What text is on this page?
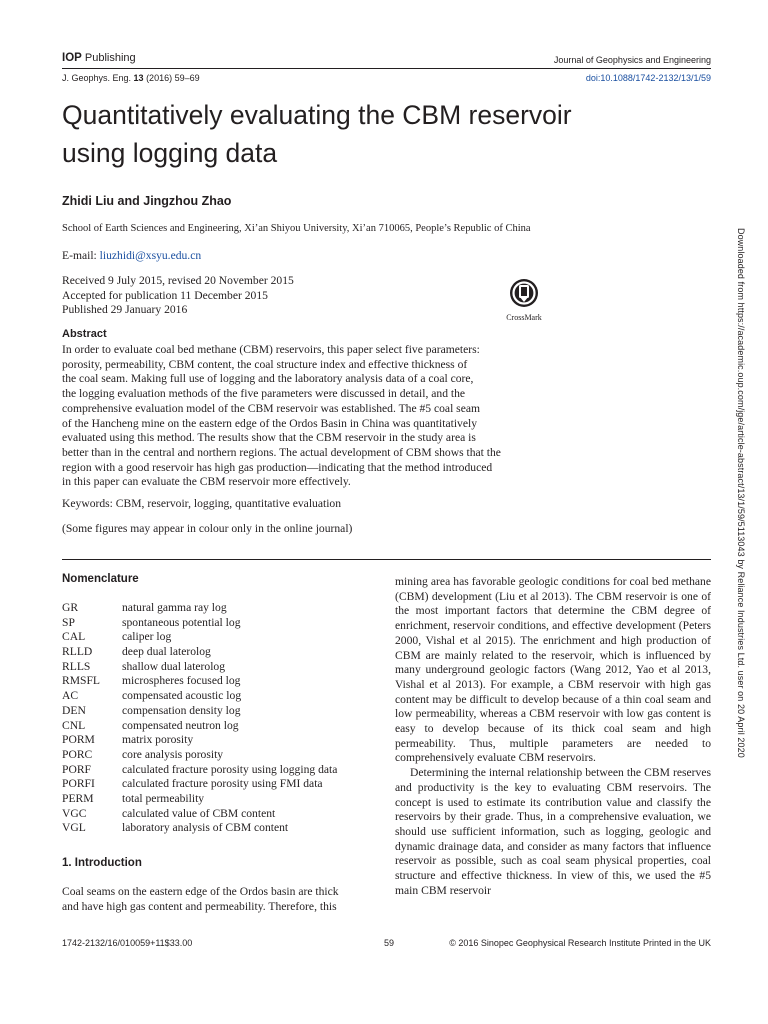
IOP Publishing	Journal of Geophysics and Engineering
J. Geophys. Eng. 13 (2016) 59–69	doi:10.1088/1742-2132/13/1/59
Quantitatively evaluating the CBM reservoir
using logging data
Zhidi Liu and Jingzhou Zhao
School of Earth Sciences and Engineering, Xi’an Shiyou University, Xi’an 710065, People’s Republic of China
E-mail: liuzhidi@xsyu.edu.cn
Received 9 July 2015, revised 20 November 2015
Accepted for publication 11 December 2015
Published 29 January 2016
CrossMark
Abstract
In order to evaluate coal bed methane (CBM) reservoirs, this paper select five parameters:
porosity, permeability, CBM content, the coal structure index and effective thickness of
the coal seam. Making full use of logging and the laboratory analysis data of a coal core,
the logging evaluation methods of the five parameters were discussed in detail, and the
comprehensive evaluation model of the CBM reservoir was established. The #5 coal seam
of the Hancheng mine on the eastern edge of the Ordos Basin in China was quantitatively
evaluated using this method. The results show that the CBM reservoir in the study area is
better than in the central and northern regions. The actual development of CBM shows that the
region with a good reservoir has high gas production—indicating that the method introduced
in this paper can evaluate the CBM reservoir more effectively.
Keywords: CBM, reservoir, logging, quantitative evaluation
(Some figures may appear in colour only in the online journal)
Nomenclature
GR	natural gamma ray log
SP	spontaneous potential log
CAL	caliper log
RLLD	deep dual laterolog
RLLS	shallow dual laterolog
RMSFL	microspheres focused log
AC	compensated acoustic log
DEN	compensation density log
CNL	compensated neutron log
PORM	matrix porosity
PORC	core analysis porosity
PORF	calculated fracture porosity using logging data
PORFI	calculated fracture porosity using FMI data
PERM	total permeability
VGC	calculated value of CBM content
VGL	laboratory analysis of CBM content
1. Introduction
Coal seams on the eastern edge of the Ordos basin are thick
and have high gas content and permeability. Therefore, this

mining area has favorable geologic conditions for coal bed methane (CBM) development (Liu et al 2013). The CBM reservoir is one of the most important factors that determine the CBM degree of enrichment, reservoir conditions, and effective development (Peters 2000, Vishal et al 2015). The enrichment and high production of CBM are mainly related to the reservoir, which is influenced by many underground geologic factors (Wang 2012, Yao et al 2013, Vishal et al 2013). For example, a CBM reservoir with high gas content may be difficult to develop because of a thin coal seam and low permeability, whereas a CBM reservoir with low gas content is easy to develop because of its thick coal seam and high permeability. Thus, multiple parameters are needed to comprehensively evaluate CBM reservoirs.

Determining the internal relationship between the CBM reserves and productivity is the key to evaluating CBM reservoirs. The concept is used to estimate its contribution value and classify the reservoirs by their grade. Thus, in a comprehensive evaluation, we should use sufficient information, such as logging, geologic and dynamic drainage data, and consider as many factors that influence reservoir as possible, such as coal seam physical properties, coal structure and effective thickness. In view of this, we used the #5 main CBM reservoir

1742-2132/16/010059+11$33.00	59	© 2016 Sinopec Geophysical Research Institute Printed in the UK
Downloaded from https://academic.oup.com/jge/article-abstract/13/1/59/5113043 by Reliance Industries Ltd. user on 20 April 2020
